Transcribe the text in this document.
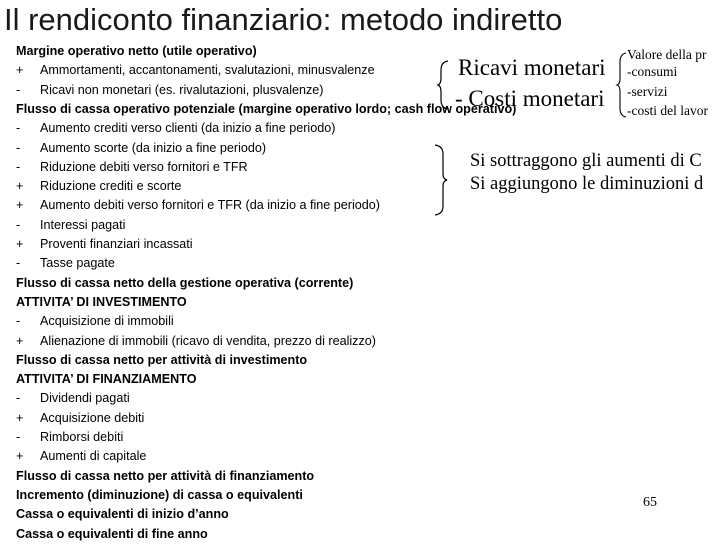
Il rendiconto finanziario: metodo indiretto
Margine operativo netto (utile operativo)
+ Ammortamenti, accantonamenti, svalutazioni, minusvalenze
- Ricavi non monetari (es. rivalutazioni, plusvalenze)
Flusso di cassa operativo potenziale (margine operativo lordo; cash flow operativo)
- Aumento crediti verso clienti (da inizio a fine periodo)
- Aumento scorte (da inizio a fine periodo)
- Riduzione debiti verso fornitori e TFR
+ Riduzione crediti e scorte
+ Aumento debiti verso fornitori e TFR (da inizio a fine periodo)
- Interessi pagati
+ Proventi finanziari incassati
- Tasse pagate
Flusso di cassa netto della gestione operativa (corrente)
ATTIVITA’ DI INVESTIMENTO
- Acquisizione di immobili
+ Alienazione di immobili (ricavo di vendita, prezzo di realizzo)
Flusso di cassa netto per attività di investimento
ATTIVITA’ DI FINANZIAMENTO
- Dividendi pagati
+ Acquisizione debiti
- Rimborsi debiti
+ Aumenti di capitale
Flusso di cassa netto per attività di finanziamento
Incremento (diminuzione) di cassa o equivalenti
Cassa o equivalenti di inizio d’anno
Cassa o equivalenti di fine anno
Ricavi monetari
- Costi monetari
Valore della pr
-consumi
-servizi
-costi del lavor
Si sottraggono gli aumenti di C
Si aggiungono le diminuzioni d
65
